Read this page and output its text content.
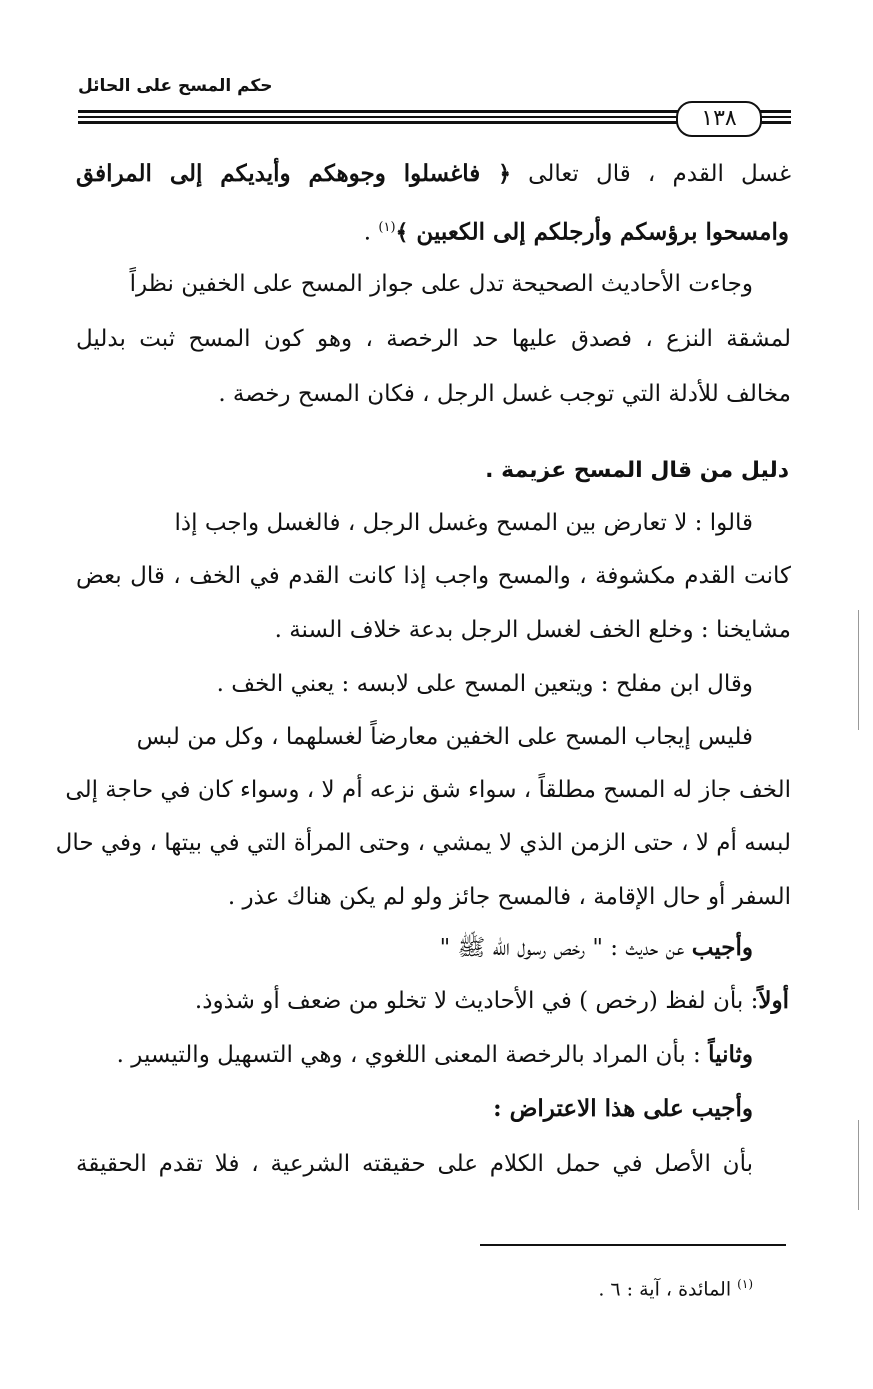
حكم المسح على الحائل
١٣٨
غسل القدم ، قال تعالى ﴿ فاغسلوا وجوهكم وأيديكم إلى المرافق
وامسحوا برؤسكم وأرجلكم إلى الكعبين ﴾$^{(١)}$ .
وجاءت الأحاديث الصحيحة تدل على جواز المسح على الخفين نظراً
لمشقة النزع ، فصدق عليها حد الرخصة ، وهو كون المسح ثبت بدليل
مخالف للأدلة التي توجب غسل الرجل ، فكان المسح رخصة .
دليل من قال المسح عزيمة .
قالوا : لا تعارض بين المسح وغسل الرجل ، فالغسل واجب إذا
كانت القدم مكشوفة ، والمسح واجب إذا كانت القدم في الخف ، قال بعض
مشايخنا : وخلع الخف لغسل الرجل بدعة خلاف السنة .
وقال ابن مفلح : ويتعين المسح على لابسه : يعني الخف .
فليس إيجاب المسح على الخفين معارضاً لغسلهما ، وكل من لبس
الخف جاز له المسح مطلقاً ، سواء شق نزعه أم لا ، وسواء كان في حاجة إلى
لبسه أم لا ، حتى الزمن الذي لا يمشي ، وحتى المرأة التي في بيتها ، وفي حال
السفر أو حال الإقامة ، فالمسح جائز ولو لم يكن هناك عذر .
وأجيب عن حديث : " رخص رسول الله ﷺ "
أولاً: بأن لفظ (رخص ) في الأحاديث لا تخلو من ضعف أو شذوذ.
وثانياً : بأن المراد بالرخصة المعنى اللغوي ، وهي التسهيل والتيسير .
وأجيب على هذا الاعتراض :
بأن الأصل في حمل الكلام على حقيقته الشرعية ، فلا تقدم الحقيقة
$^{(١)}$ المائدة ، آية : ٦ .
